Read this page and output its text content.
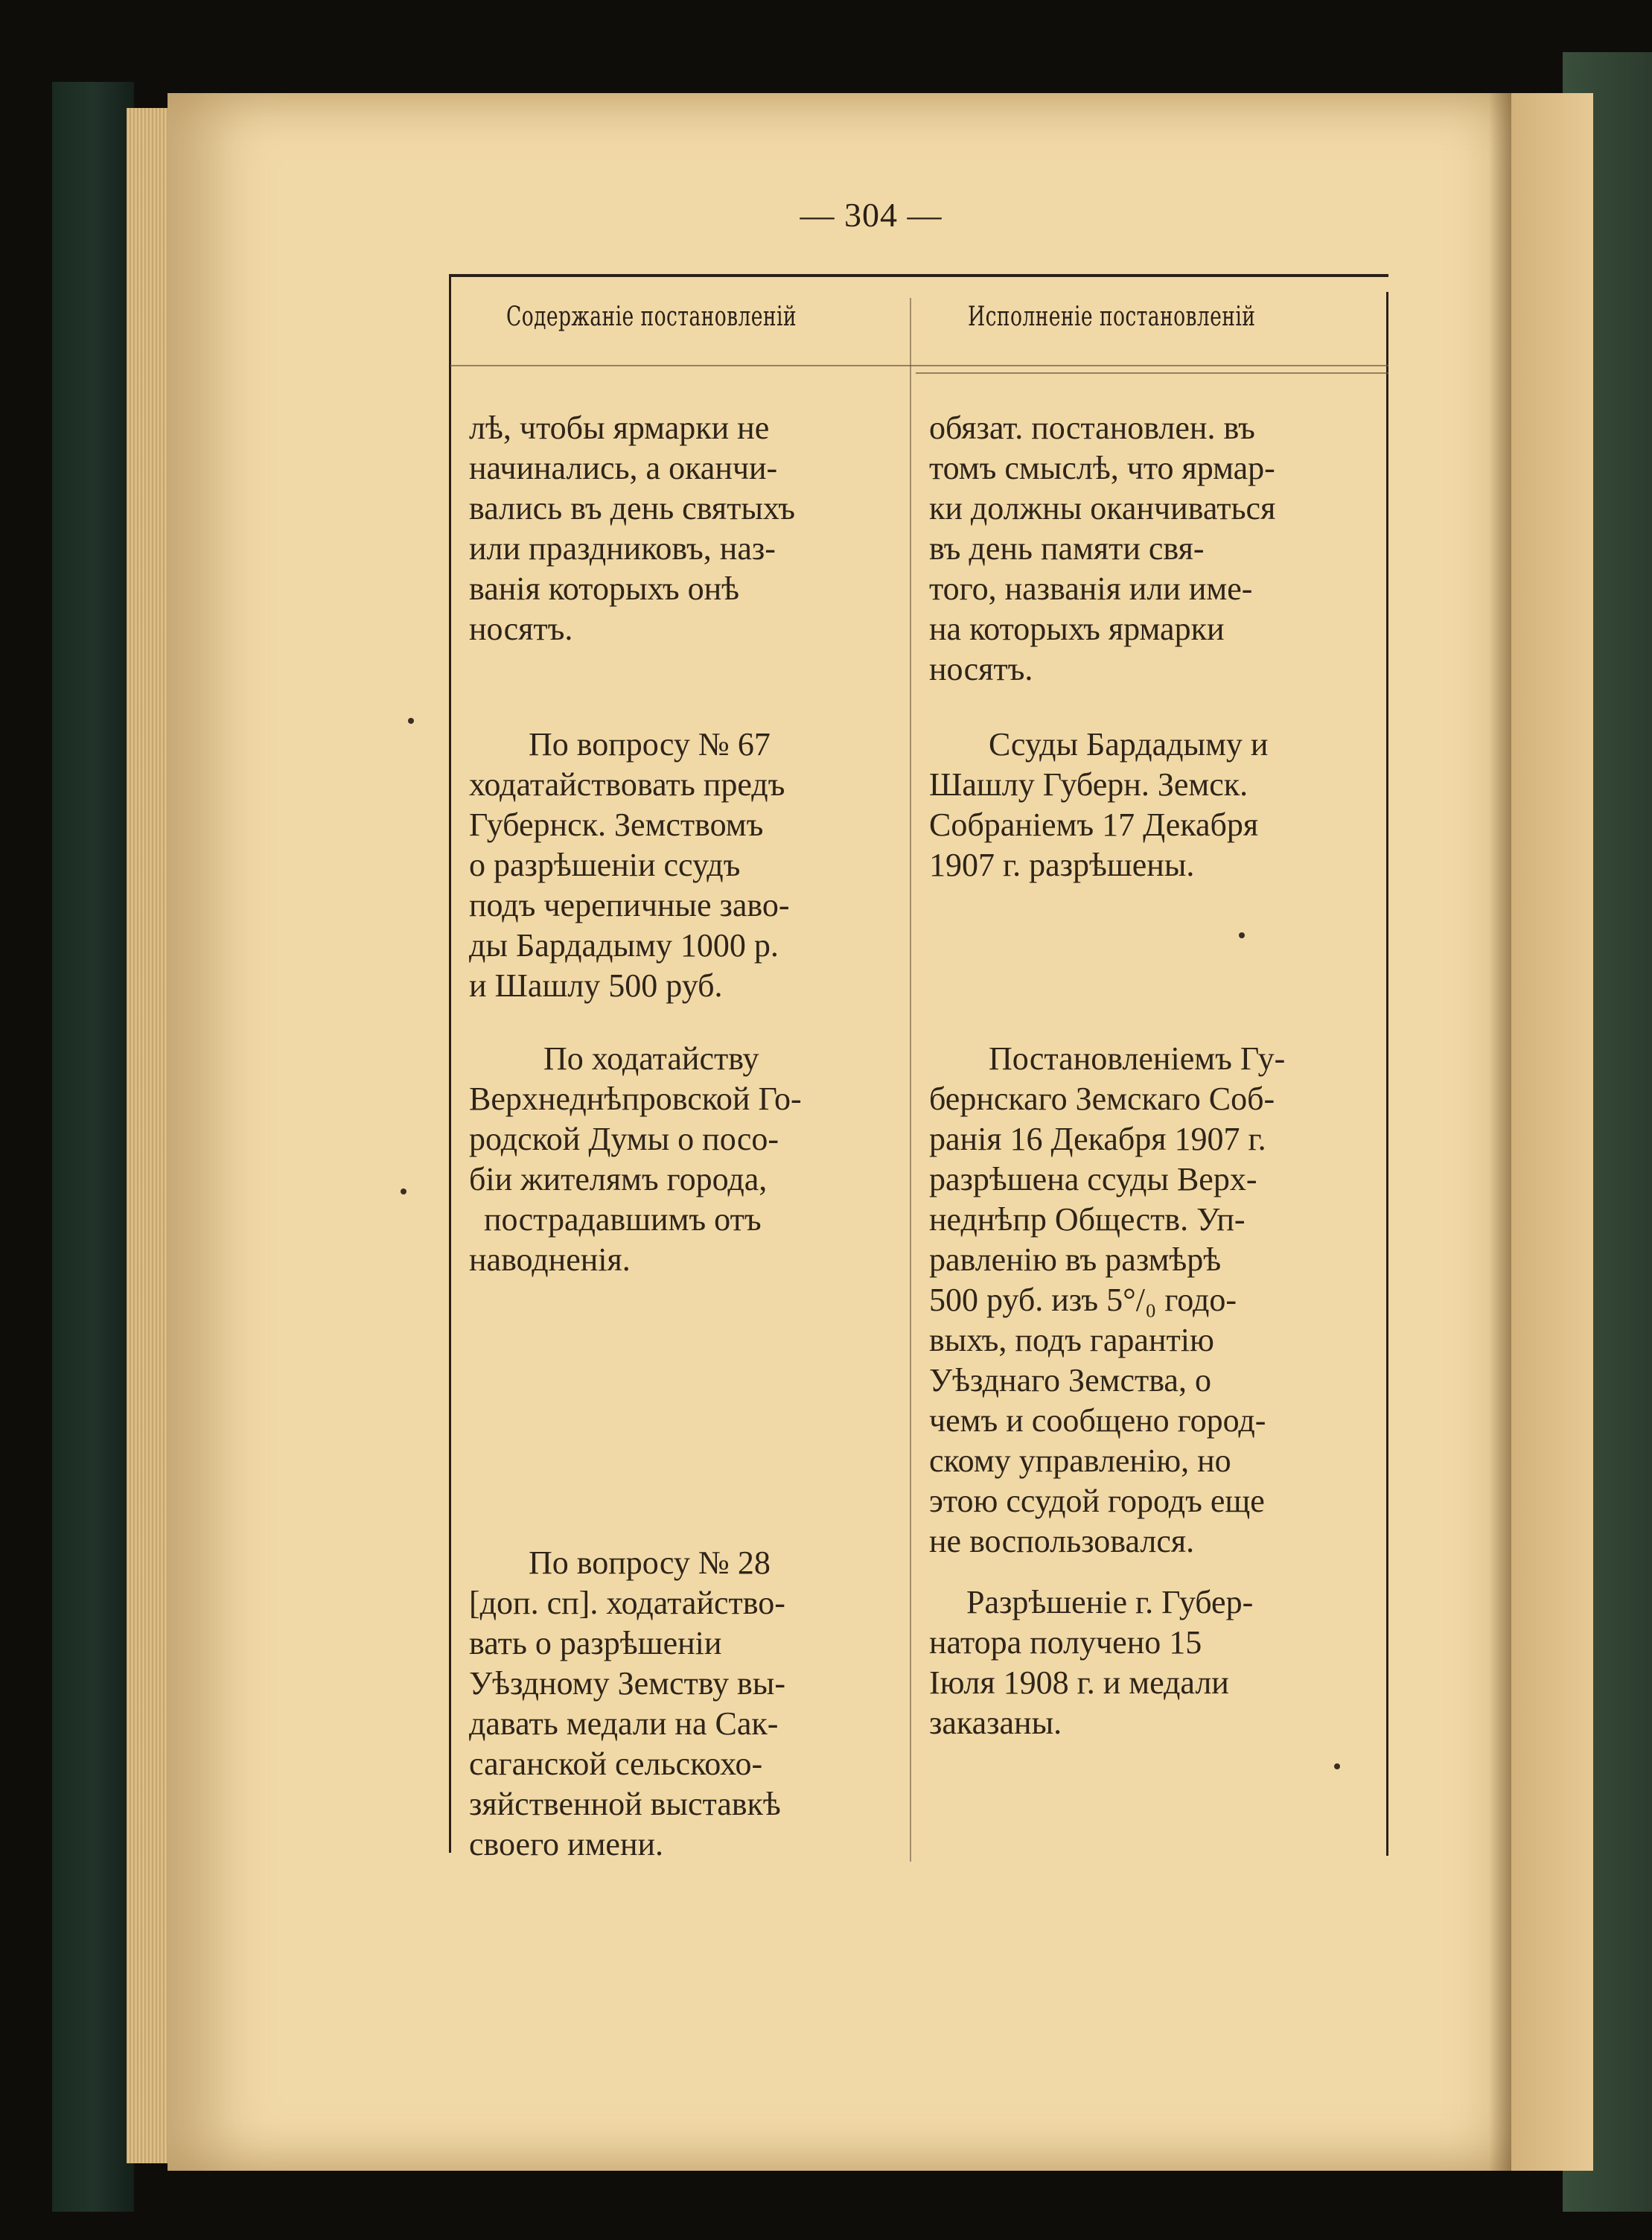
— 304 —
Содержаніе постановленій	Исполненіе постановленій
лѣ, чтобы ярмарки не
начинались, а оканчи-
вались въ день святыхъ
или праздниковъ, наз-
ванія которыхъ онѣ
носятъ.
По вопросу № 67
ходатайствовать предъ
Губернск. Земствомъ
о разрѣшеніи ссудъ
подъ черепичные заво-
ды Бардадыму 1000 р.
и Шашлу 500 руб.
По ходатайству
Верхнеднѣпровской Го-
родской Думы о посо-
біи жителямъ города,
пострадавшимъ отъ
наводненія.
По вопросу № 28
[доп. сп]. ходатайство-
вать о разрѣшеніи
Уѣздному Земству вы-
давать медали на Сак-
саганской сельскохо-
зяйственной выставкѣ
своего имени.
обязат. постановлен. въ
томъ смыслѣ, что ярмар-
ки должны оканчиваться
въ день памяти свя-
того, названія или име-
на которыхъ ярмарки
носятъ.
Ссуды Бардадыму и
Шашлу Губерн. Земск.
Собраніемъ 17 Декабря
1907 г. разрѣшены.
Постановленіемъ Гу-
бернскаго Земскаго Соб-
ранія 16 Декабря 1907 г.
разрѣшена ссуды Верх-
неднѣпр Обществ. Уп-
равленію въ размѣрѣ
500 руб. изъ 5°/₀ годо-
выхъ, подъ гарантію
Уѣзднаго Земства, о
чемъ и сообщено город-
скому управленію, но
этою ссудой городъ еще
не воспользовался.
Разрѣшеніе г. Губер-
натора получено 15
Іюля 1908 г. и медали
заказаны.
